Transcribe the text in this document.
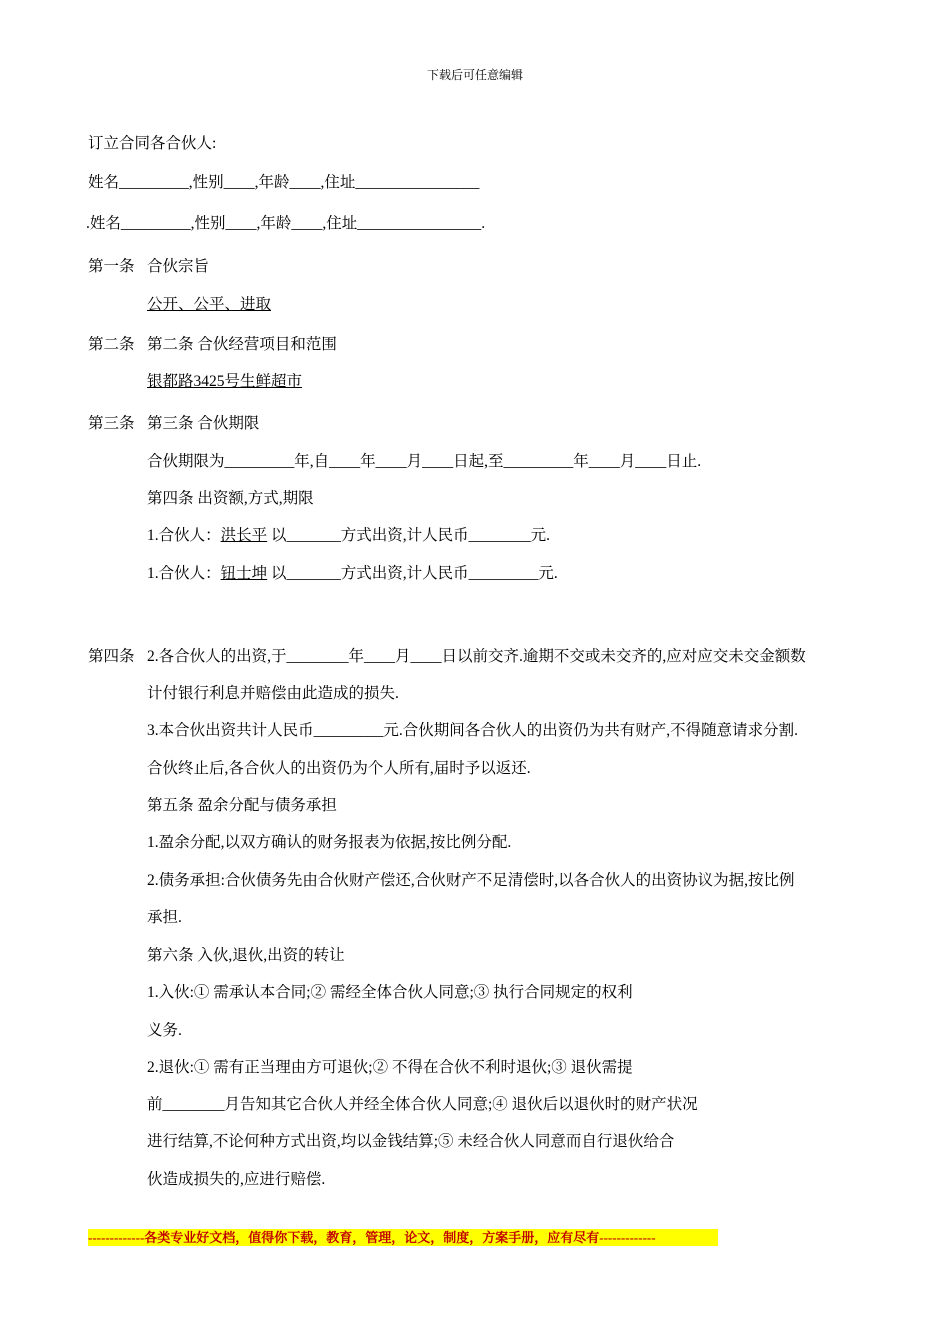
下载后可任意编辑
订立合同各合伙人:
姓名_________,性别____,年龄____,住址________________
.姓名_________,性别____,年龄____,住址________________.
第一条 合伙宗旨
公开、公平、进取
第二条 第二条 合伙经营项目和范围
银都路3425号生鲜超市
第三条 第三条 合伙期限
合伙期限为_________年,自____年____月____日起,至_________年____月____日止.
第四条 出资额,方式,期限
1.合伙人：洪长平 以_______方式出资,计人民币________元.
1.合伙人：钮士坤 以_______方式出资,计人民币_________元.
第四条 2.各合伙人的出资,于________年____月____日以前交齐.逾期不交或未交齐的,应对应交未交金额数
计付银行利息并赔偿由此造成的损失.
3.本合伙出资共计人民币_________元.合伙期间各合伙人的出资仍为共有财产,不得随意请求分割.
合伙终止后,各合伙人的出资仍为个人所有,届时予以返还.
第五条 盈余分配与债务承担
1.盈余分配,以双方确认的财务报表为依据,按比例分配.
2.债务承担:合伙债务先由合伙财产偿还,合伙财产不足清偿时,以各合伙人的出资协议为据,按比例
承担.
第六条 入伙,退伙,出资的转让
1.入伙:① 需承认本合同;② 需经全体合伙人同意;③ 执行合同规定的权利
义务.
2.退伙:① 需有正当理由方可退伙;② 不得在合伙不利时退伙;③ 退伙需提
前________月告知其它合伙人并经全体合伙人同意;④ 退伙后以退伙时的财产状况
进行结算,不论何种方式出资,均以金钱结算;⑤ 未经合伙人同意而自行退伙给合
伙造成损失的,应进行赔偿.
-------------各类专业好文档，值得你下载，教育，管理，论文，制度，方案手册，应有尽有-------------
